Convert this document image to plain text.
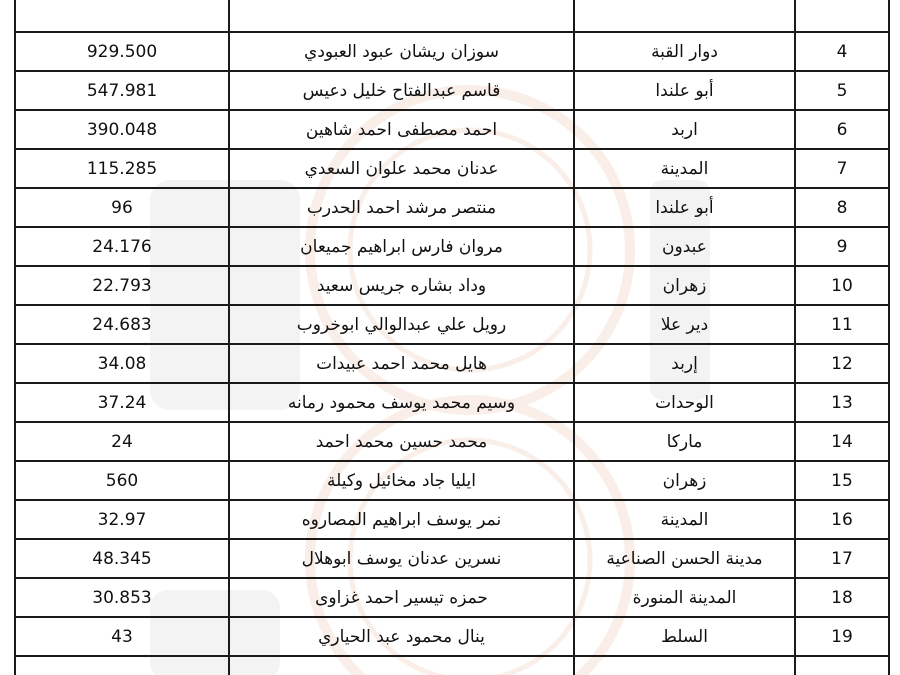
929.500	سوزان ريشان عبود العبودي	دوار القبة	4
547.981	قاسم عبدالفتاح خليل دعيس	أبو علندا	5
390.048	احمد مصطفى احمد شاهين	اربد	6
115.285	عدنان محمد علوان السعدي	المدينة	7
96	منتصر مرشد احمد الحدرب	أبو علندا	8
24.176	مروان فارس ابراهيم جميعان	عبدون	9
22.793	وداد بشاره جريس سعيد	زهران	10
24.683	رويل علي عبدالوالي ابوخروب	دير علا	11
34.08	هايل محمد احمد عبيدات	إربد	12
37.24	وسيم محمد يوسف محمود رمانه	الوحدات	13
24	محمد حسين محمد احمد	ماركا	14
560	ايليا جاد مخائيل وكيلة	زهران	15
32.97	نمر يوسف ابراهيم المصاروه	المدينة	16
48.345	نسرين عدنان يوسف ابوهلال	مدينة الحسن الصناعية	17
30.853	حمزه تيسير احمد غزاوى	المدينة المنورة	18
43	ينال محمود عبد الحياري	السلط	19
